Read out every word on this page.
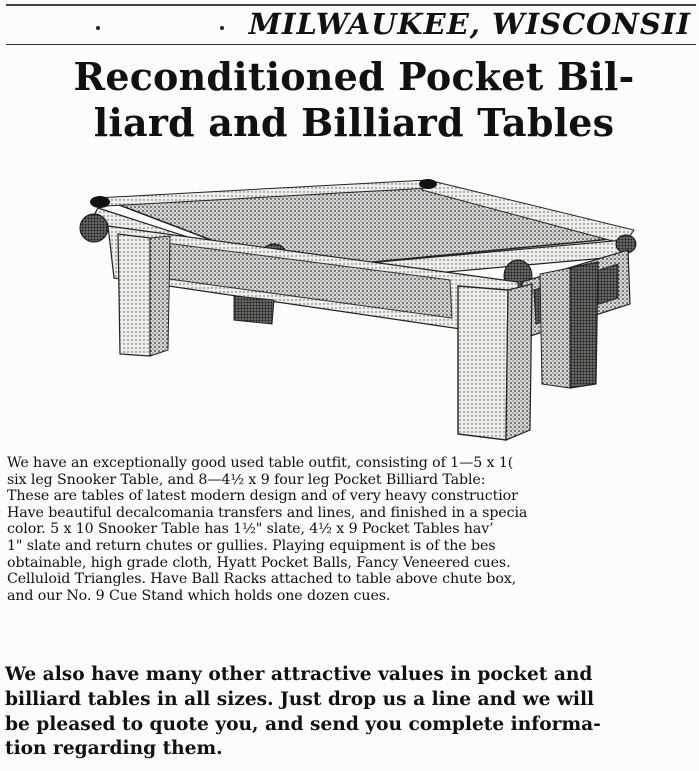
MILWAUKEE, WISCONSII
Reconditioned Pocket Bil-
liard and Billiard Tables

We have an exceptionally good used table outfit, consisting of 1—5 x 1(
six leg Snooker Table, and 8—4½ x 9 four leg Pocket Billiard Table:
These are tables of latest modern design and of very heavy constructior
Have beautiful decalcomania transfers and lines, and finished in a specia
color. 5 x 10 Snooker Table has 1½" slate, 4½ x 9 Pocket Tables hav’
1" slate and return chutes or gullies. Playing equipment is of the bes
obtainable, high grade cloth, Hyatt Pocket Balls, Fancy Veneered cues.
Celluloid Triangles. Have Ball Racks attached to table above chute box,
and our No. 9 Cue Stand which holds one dozen cues.

We also have many other attractive values in pocket and
billiard tables in all sizes. Just drop us a line and we will
be pleased to quote you, and send you complete informa-
tion regarding them.
